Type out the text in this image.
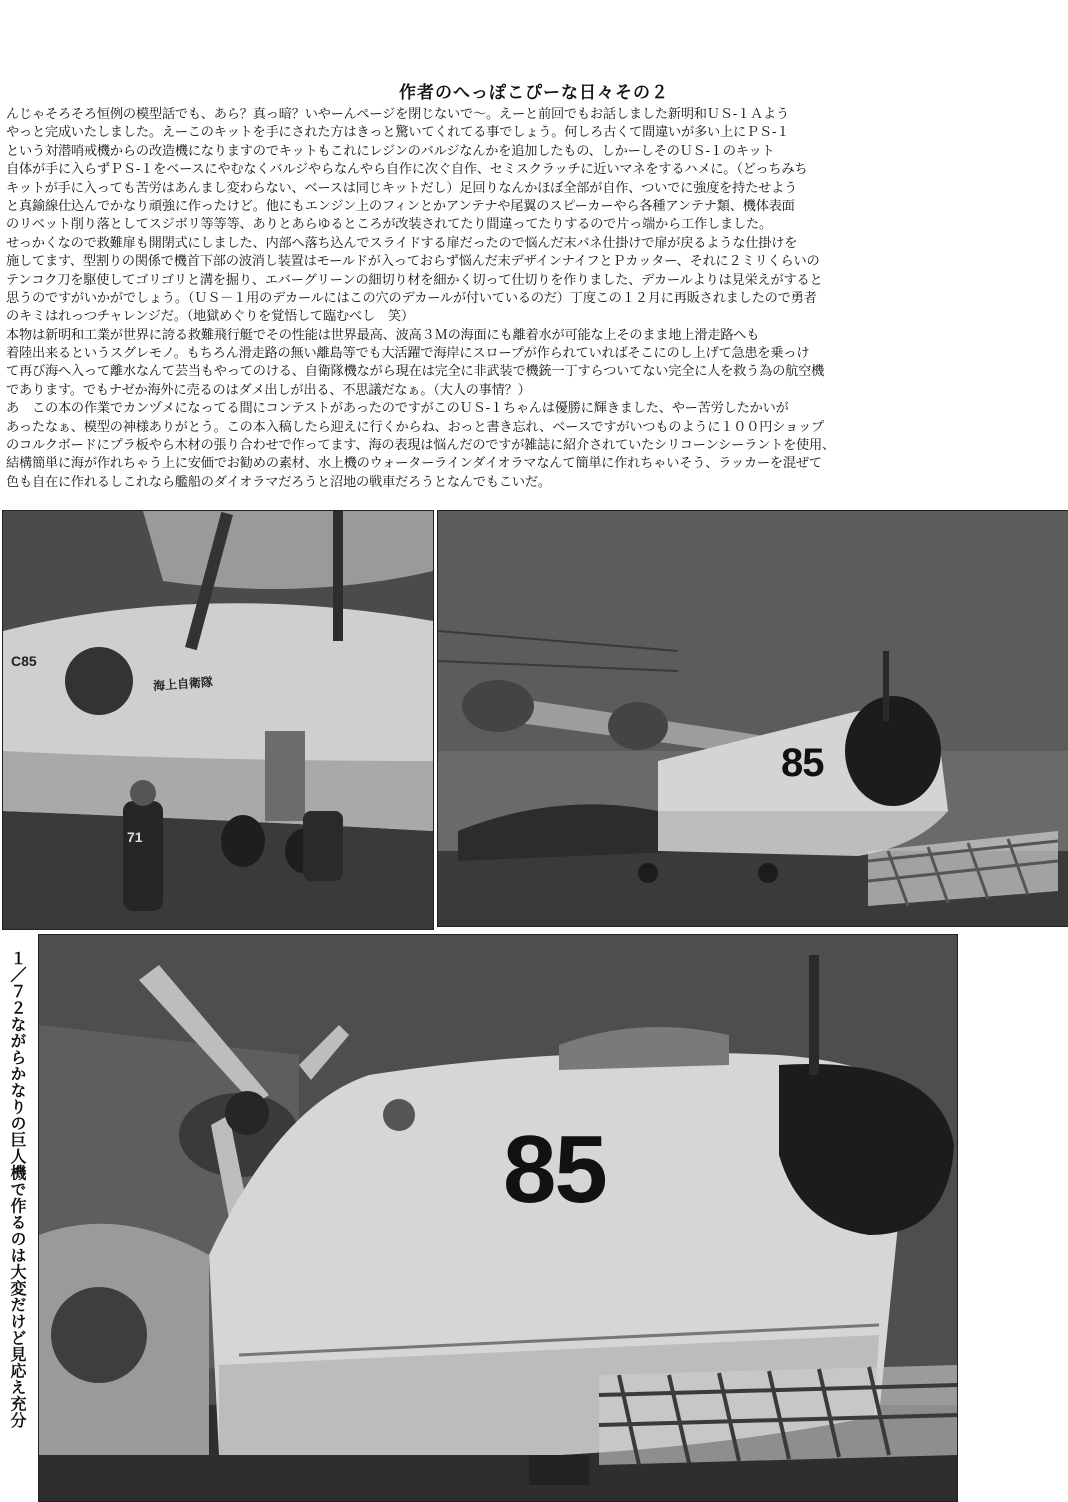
作者のへっぽこぴーな日々その２
んじゃそろそろ恒例の模型話でも、あら？真っ暗？いやーんページを閉じないで～。えーと前回でもお話しました新明和ＵＳ-１Ａよう
やっと完成いたしました。えーこのキットを手にされた方はきっと驚いてくれてる事でしょう。何しろ古くて間違いが多い上にＰＳ-１
という対潜哨戒機からの改造機になりますのでキットもこれにレジンのバルジなんかを追加したもの、しかーしそのＵＳ-１のキット
自体が手に入らずＰＳ-１をベースにやむなくバルジやらなんやら自作に次ぐ自作、セミスクラッチに近いマネをするハメに。（どっちみち
キットが手に入っても苦労はあんまし変わらない、ベースは同じキットだし）足回りなんかほぼ全部が自作、ついでに強度を持たせよう
と真鍮線仕込んでかなり頑強に作ったけど。他にもエンジン上のフィンとかアンテナや尾翼のスピーカーやら各種アンテナ類、機体表面
のリベット削り落としてスジボリ等等等、ありとあらゆるところが改装されてたり間違ってたりするので片っ端から工作しました。
せっかくなので救難扉も開閉式にしました、内部へ落ち込んでスライドする扉だったので悩んだ末バネ仕掛けで扉が戻るような仕掛けを
施してます、型割りの関係で機首下部の波消し装置はモールドが入っておらず悩んだ末デザインナイフとＰカッター、それに２ミリくらいの
テンコク刀を駆使してゴリゴリと溝を掘り、エバーグリーンの細切り材を細かく切って仕切りを作りました、デカールよりは見栄えがすると
思うのですがいかがでしょう。（ＵＳ－１用のデカールにはこの穴のデカールが付いているのだ）丁度この１２月に再販されましたので勇者
のキミはれっつチャレンジだ。（地獄めぐりを覚悟して臨むべし　笑）
本物は新明和工業が世界に誇る救難飛行艇でその性能は世界最高、波高３Ｍの海面にも離着水が可能な上そのまま地上滑走路へも
着陸出来るというスグレモノ。もちろん滑走路の無い離島等でも大活躍で海岸にスロープが作られていればそこにのし上げて急患を乗っけ
て再び海へ入って離水なんて芸当もやってのける、自衛隊機ながら現在は完全に非武装で機銃一丁すらついてない完全に人を救う為の航空機
であります。でもナゼか海外に売るのはダメ出しが出る、不思議だなぁ。（大人の事情？）
あ　この本の作業でカンヅメになってる間にコンテストがあったのですがこのＵＳ-１ちゃんは優勝に輝きました、やー苦労したかいが
あったなぁ、模型の神様ありがとう。この本入稿したら迎えに行くからね、おっと書き忘れ、ベースですがいつものように１００円ショップ
のコルクボードにプラ板やら木材の張り合わせで作ってます、海の表現は悩んだのですが雑誌に紹介されていたシリコーンシーラントを使用、
結構簡単に海が作れちゃう上に安価でお勧めの素材、水上機のウォーターラインダイオラマなんて簡単に作れちゃいそう、ラッカーを混ぜて
色も自在に作れるしこれなら艦船のダイオラマだろうと沼地の戦車だろうとなんでもこいだ。
C85
海上自衛隊
71
85
85
１／７２ながらかなりの巨人機で作るのは大変だけど見応え充分
